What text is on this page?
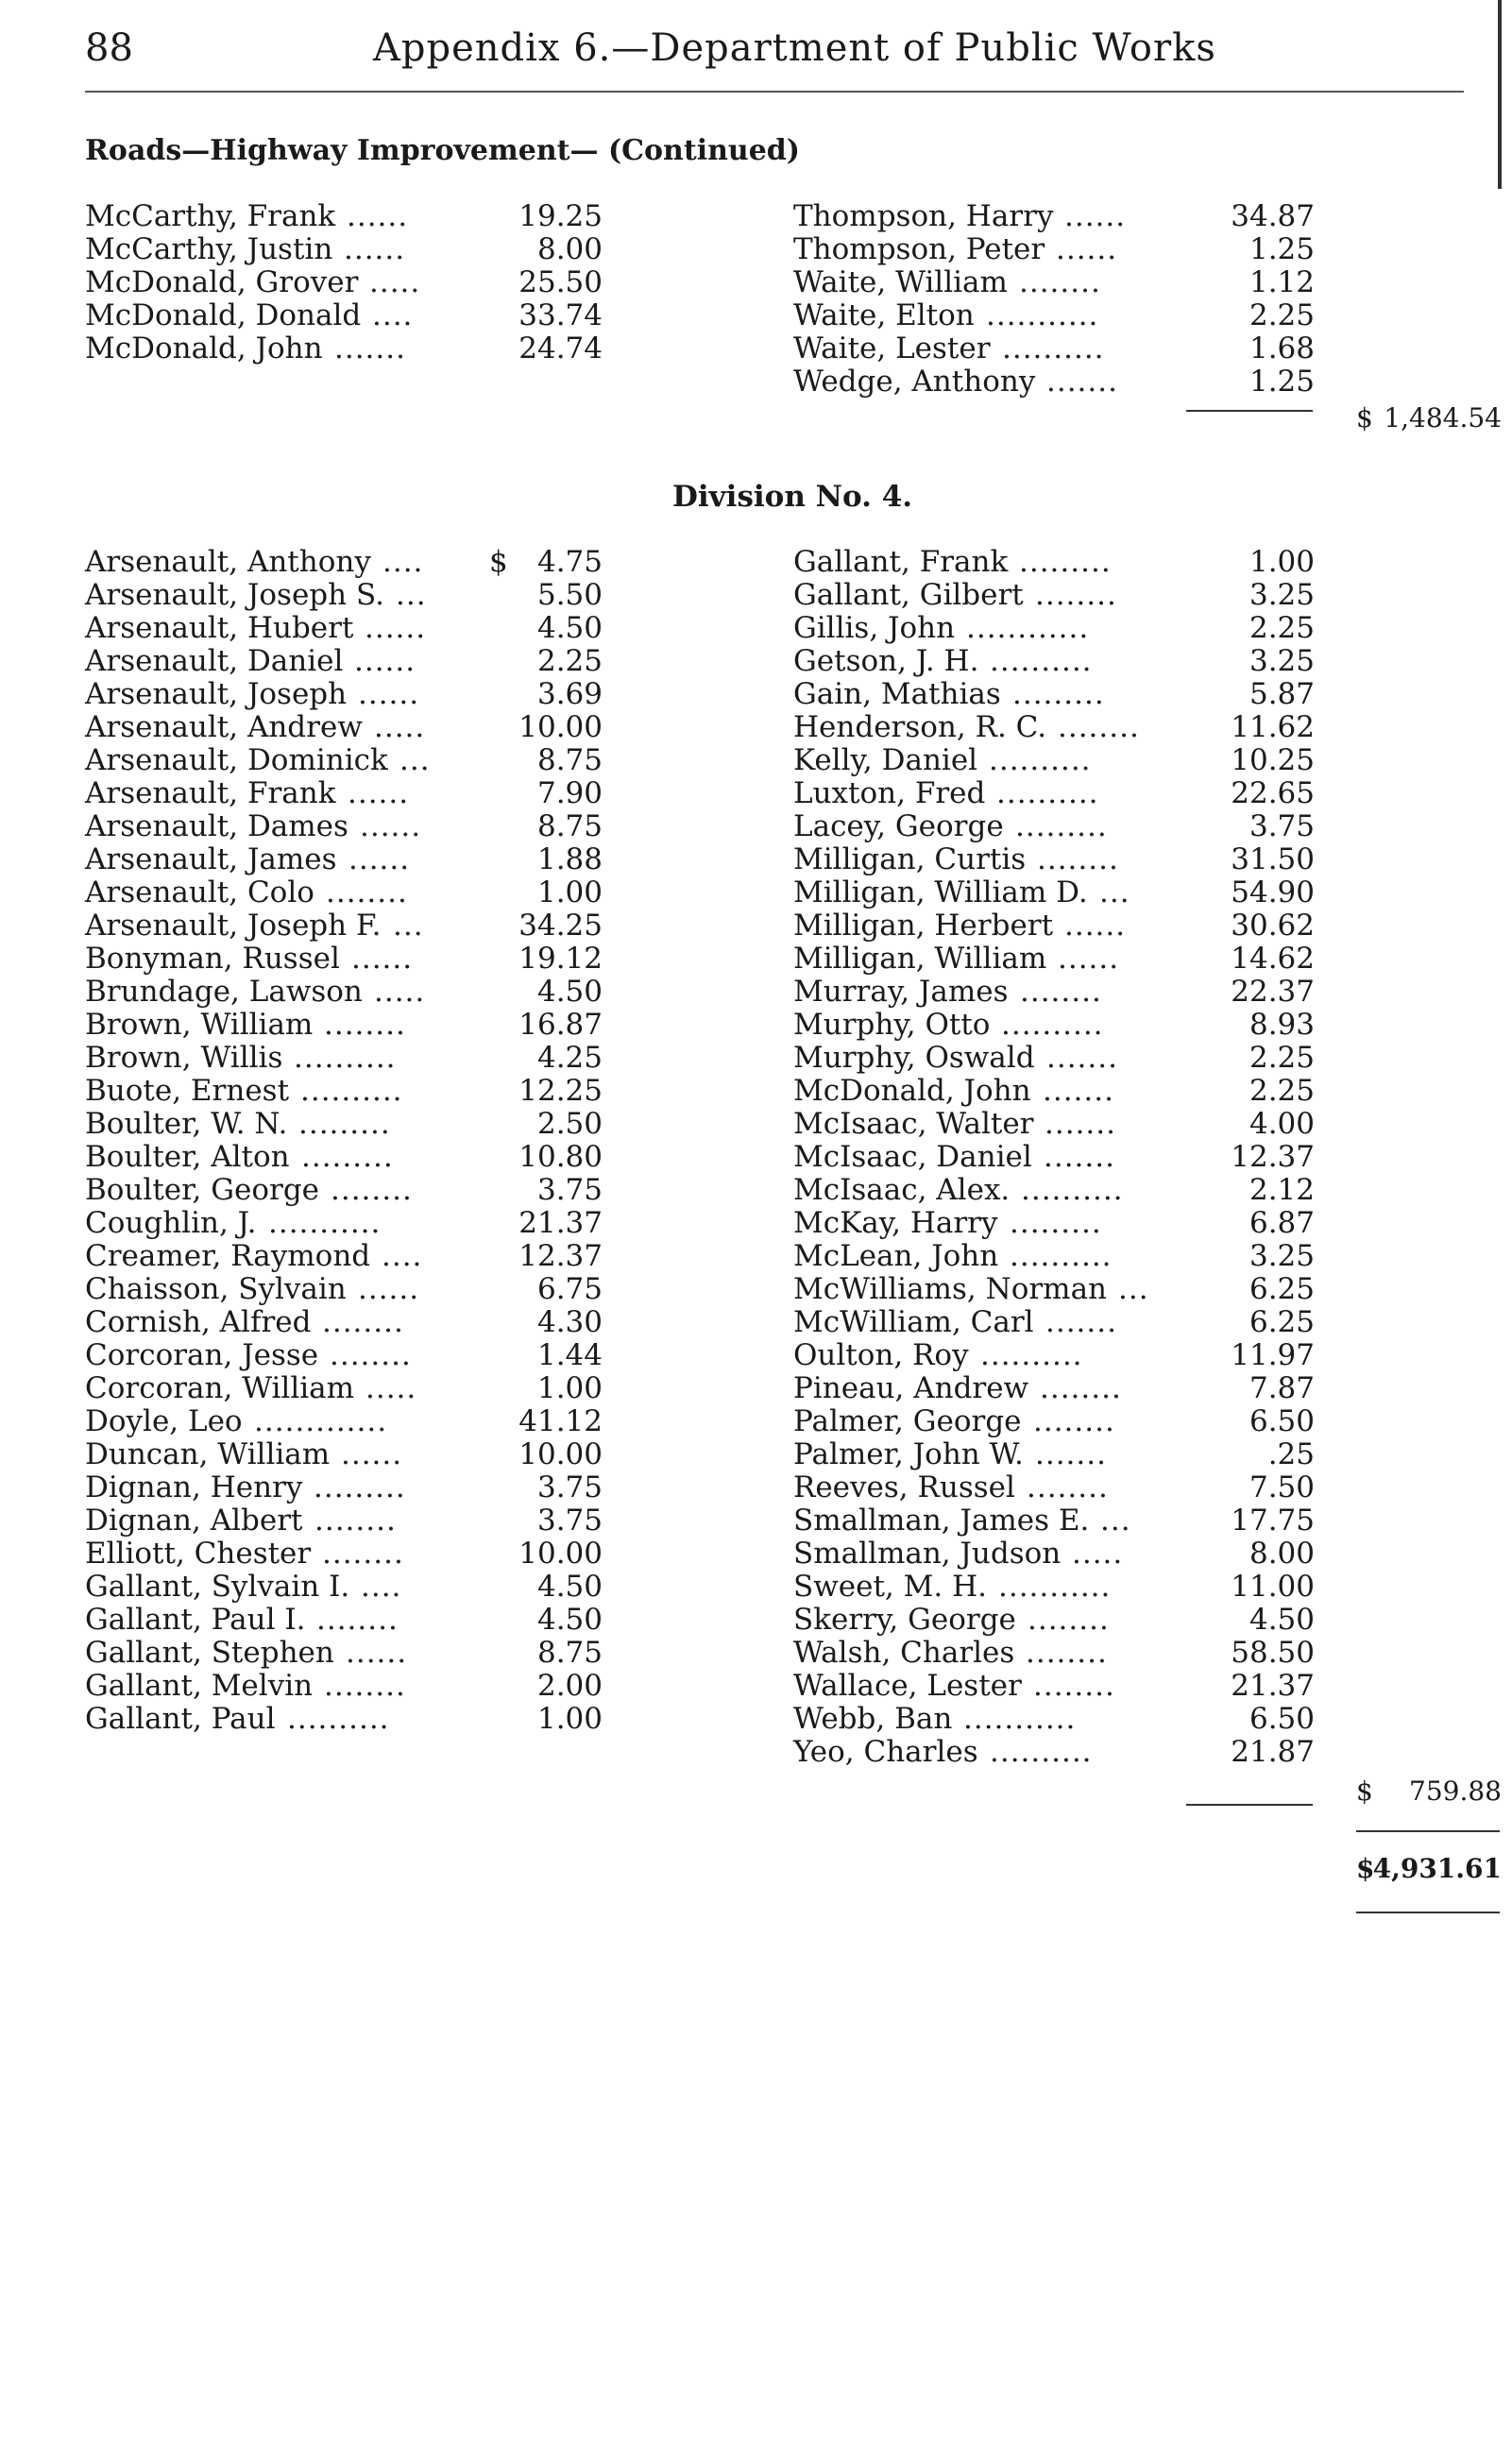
88	Appendix 6.—Department of Public Works
Roads—Highway Improvement— (Continued)
McCarthy, Frank ......	19.25
McCarthy, Justin ......	8.00
McDonald, Grover .....	25.50
McDonald, Donald ....	33.74
McDonald, John .......	24.74
Thompson, Harry ......	34.87
Thompson, Peter ......	1.25
Waite, William ........	1.12
Waite, Elton ...........	2.25
Waite, Lester ..........	1.68
Wedge, Anthony .......	1.25
$ 1,484.54
Division No. 4.
Arsenault, Anthony .... $ 4.75
Arsenault, Joseph S. ...	5.50
Arsenault, Hubert ......	4.50
Arsenault, Daniel ......	2.25
Arsenault, Joseph ......	3.69
Arsenault, Andrew .....	10.00
Arsenault, Dominick ...	8.75
Arsenault, Frank ......	7.90
Arsenault, Dames ......	8.75
Arsenault, James ......	1.88
Arsenault, Colo ........	1.00
Arsenault, Joseph F. ...	34.25
Bonyman, Russel ......	19.12
Brundage, Lawson .....	4.50
Brown, William ........	16.87
Brown, Willis ..........	4.25
Buote, Ernest ..........	12.25
Boulter, W. N. .........	2.50
Boulter, Alton .........	10.80
Boulter, George ........	3.75
Coughlin, J. ...........	21.37
Creamer, Raymond ....	12.37
Chaisson, Sylvain ......	6.75
Cornish, Alfred ........	4.30
Corcoran, Jesse ........	1.44
Corcoran, William .....	1.00
Doyle, Leo .............	41.12
Duncan, William ......	10.00
Dignan, Henry .........	3.75
Dignan, Albert ........	3.75
Elliott, Chester ........	10.00
Gallant, Sylvain I. ....	4.50
Gallant, Paul I. ........	4.50
Gallant, Stephen ......	8.75
Gallant, Melvin ........	2.00
Gallant, Paul ..........	1.00
Gallant, Frank .........	1.00
Gallant, Gilbert ........	3.25
Gillis, John ............	2.25
Getson, J. H. ..........	3.25
Gain, Mathias .........	5.87
Henderson, R. C. ........	11.62
Kelly, Daniel ..........	10.25
Luxton, Fred ..........	22.65
Lacey, George .........	3.75
Milligan, Curtis ........	31.50
Milligan, William D. ...	54.90
Milligan, Herbert ......	30.62
Milligan, William ......	14.62
Murray, James ........	22.37
Murphy, Otto ..........	8.93
Murphy, Oswald .......	2.25
McDonald, John .......	2.25
McIsaac, Walter .......	4.00
McIsaac, Daniel .......	12.37
McIsaac, Alex. ..........	2.12
McKay, Harry .........	6.87
McLean, John ..........	3.25
McWilliams, Norman ...	6.25
McWilliam, Carl .......	6.25
Oulton, Roy ..........	11.97
Pineau, Andrew ........	7.87
Palmer, George ........	6.50
Palmer, John W. .......	.25
Reeves, Russel ........	7.50
Smallman, James E. ...	17.75
Smallman, Judson .....	8.00
Sweet, M. H. ...........	11.00
Skerry, George ........	4.50
Walsh, Charles ........	58.50
Wallace, Lester ........	21.37
Webb, Ban ...........	6.50
Yeo, Charles ..........	21.87
$ 759.88
$
4,931.61
